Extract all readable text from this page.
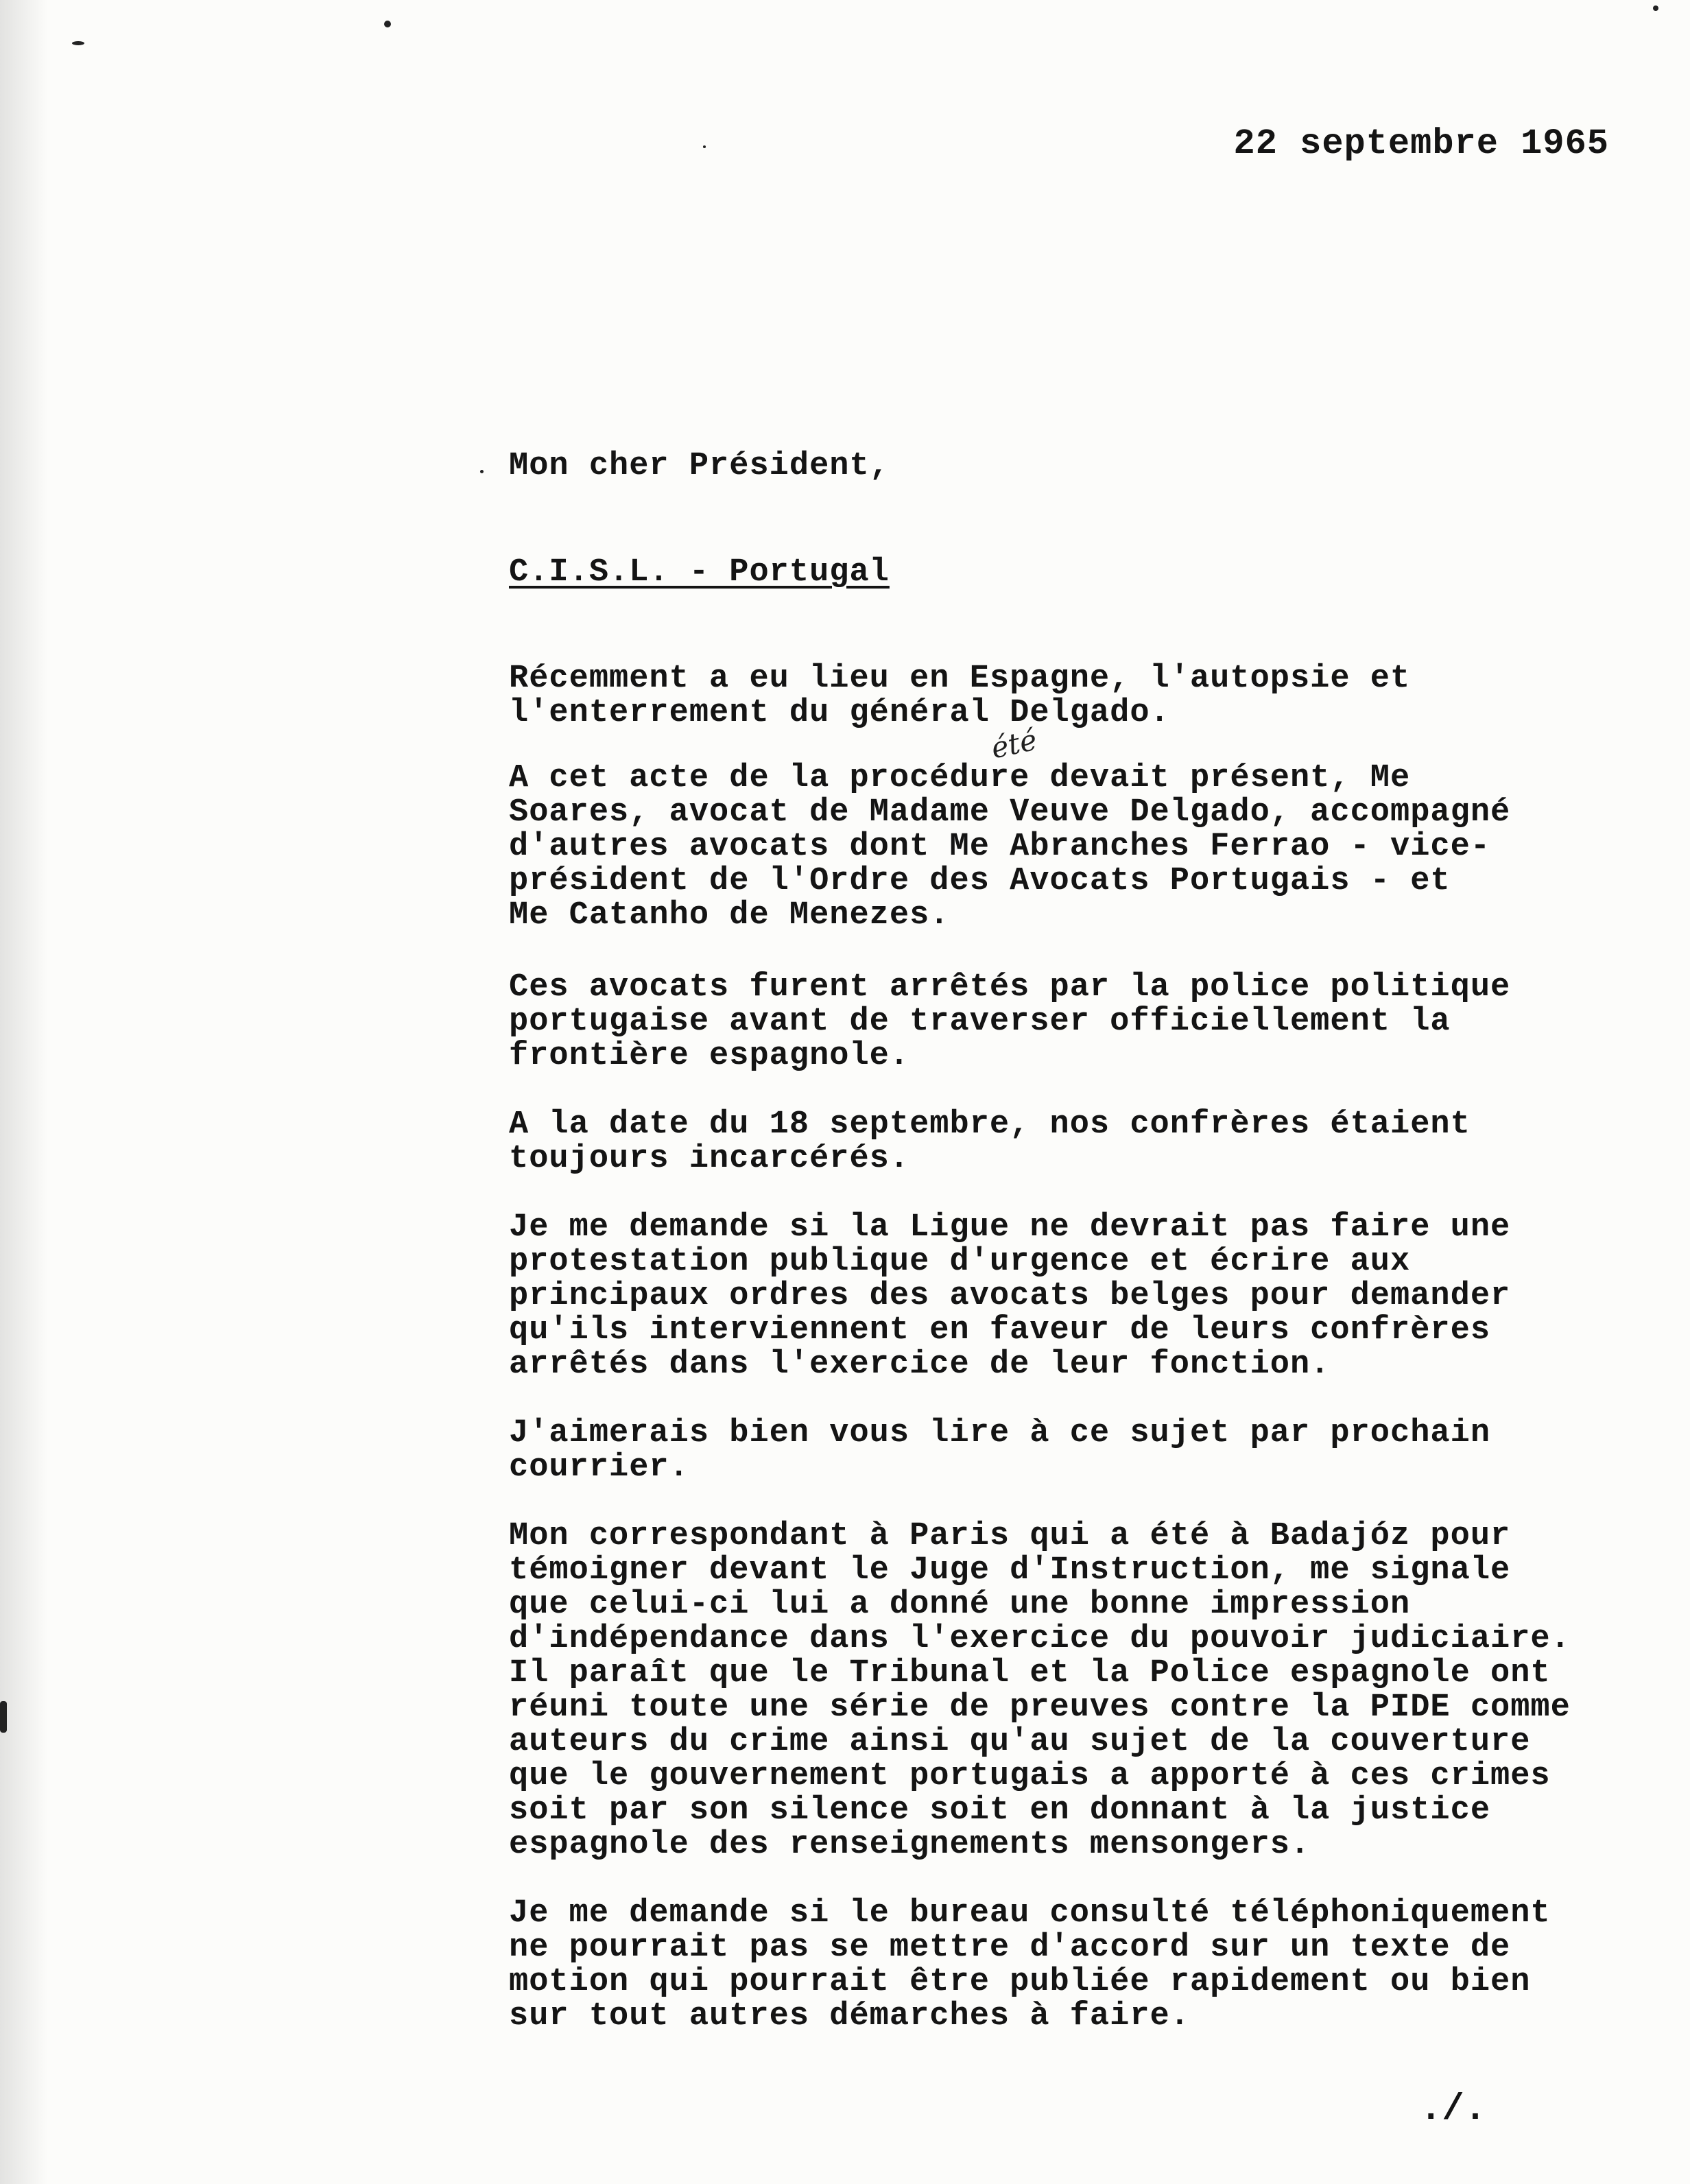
22 septembre 1965
Mon cher Président,
C.I.S.L. - Portugal
Récemment a eu lieu en Espagne, l'autopsie et
l'enterrement du général Delgado.
été
A cet acte de la procédure devait présent, Me
Soares, avocat de Madame Veuve Delgado, accompagné
d'autres avocats dont Me Abranches Ferrao - vice-
président de l'Ordre des Avocats Portugais - et
Me Catanho de Menezes.
Ces avocats furent arrêtés par la police politique
portugaise avant de traverser officiellement la
frontière espagnole.
A la date du 18 septembre, nos confrères étaient
toujours incarcérés.
Je me demande si la Ligue ne devrait pas faire une
protestation publique d'urgence et écrire aux
principaux ordres des avocats belges pour demander
qu'ils interviennent en faveur de leurs confrères
arrêtés dans l'exercice de leur fonction.
J'aimerais bien vous lire à ce sujet par prochain
courrier.
Mon correspondant à Paris qui a été à Badajóz pour
témoigner devant le Juge d'Instruction, me signale
que celui-ci lui a donné une bonne impression
d'indépendance dans l'exercice du pouvoir judiciaire.
Il paraît que le Tribunal et la Police espagnole ont
réuni toute une série de preuves contre la PIDE comme
auteurs du crime ainsi qu'au sujet de la couverture
que le gouvernement portugais a apporté à ces crimes
soit par son silence soit en donnant à la justice
espagnole des renseignements mensongers.
Je me demande si le bureau consulté téléphoniquement
ne pourrait pas se mettre d'accord sur un texte de
motion qui pourrait être publiée rapidement ou bien
sur tout autres démarches à faire.
./.
